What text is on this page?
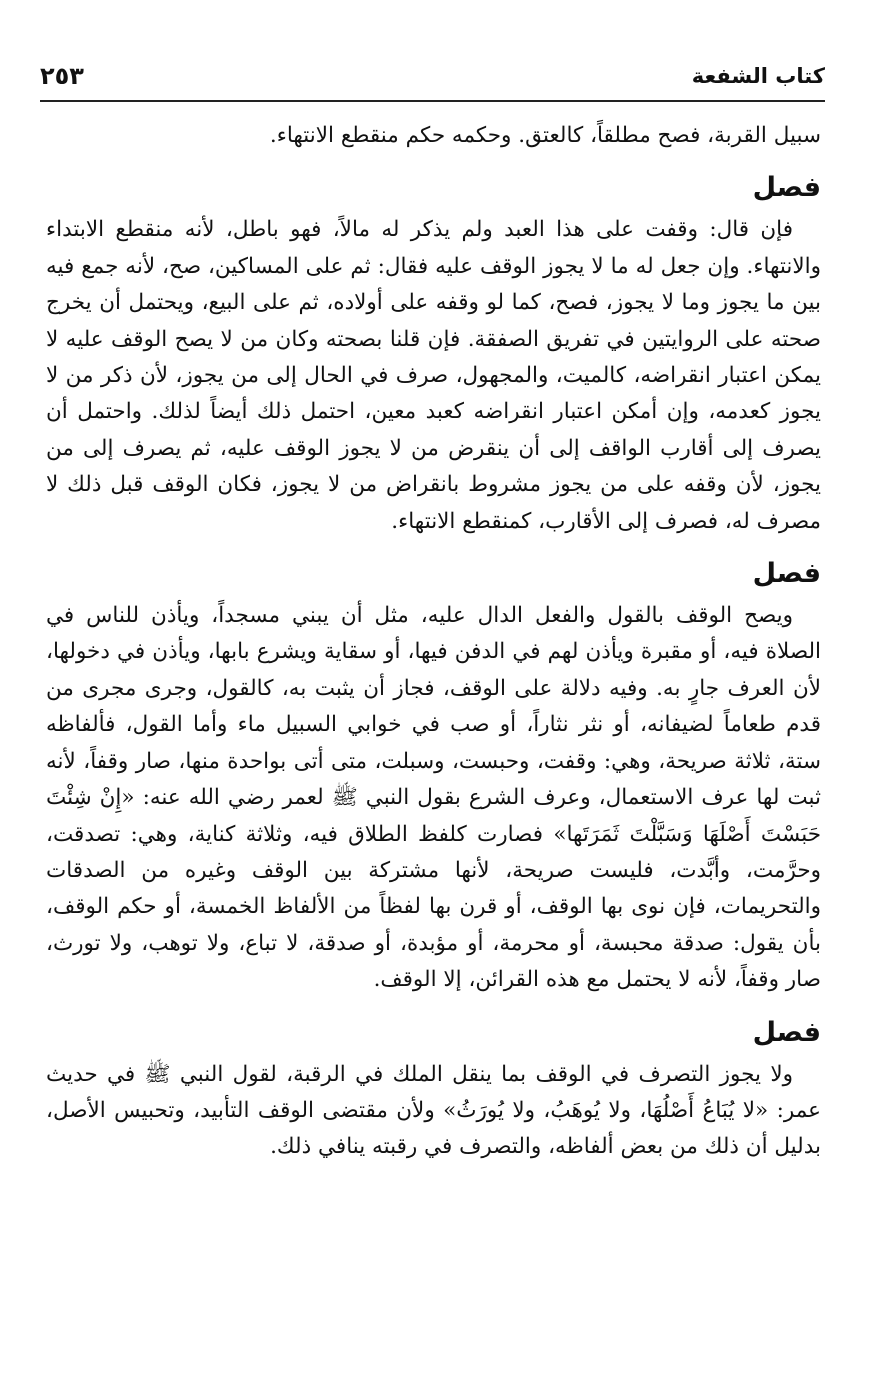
كتاب الشفعة
٢٥٣

سبيل القربة، فصح مطلقاً، كالعتق. وحكمه حكم منقطع الانتهاء.

فصل

فإن قال: وقفت على هذا العبد ولم يذكر له مالاً، فهو باطل، لأنه منقطع الابتداء والانتهاء. وإن جعل له ما لا يجوز الوقف عليه فقال: ثم على المساكين، صح، لأنه جمع فيه بين ما يجوز وما لا يجوز، فصح، كما لو وقفه على أولاده، ثم على البيع، ويحتمل أن يخرج صحته على الروايتين في تفريق الصفقة. فإن قلنا بصحته وكان من لا يصح الوقف عليه لا يمكن اعتبار انقراضه، كالميت، والمجهول، صرف في الحال إلى من يجوز، لأن ذكر من لا يجوز كعدمه، وإن أمكن اعتبار انقراضه كعبد معين، احتمل ذلك أيضاً لذلك. واحتمل أن يصرف إلى أقارب الواقف إلى أن ينقرض من لا يجوز الوقف عليه، ثم يصرف إلى من يجوز، لأن وقفه على من يجوز مشروط بانقراض من لا يجوز، فكان الوقف قبل ذلك لا مصرف له، فصرف إلى الأقارب، كمنقطع الانتهاء.

فصل

ويصح الوقف بالقول والفعل الدال عليه، مثل أن يبني مسجداً، ويأذن للناس في الصلاة فيه، أو مقبرة ويأذن لهم في الدفن فيها، أو سقاية ويشرع بابها، ويأذن في دخولها، لأن العرف جارٍ به. وفيه دلالة على الوقف، فجاز أن يثبت به، كالقول، وجرى مجرى من قدم طعاماً لضيفانه، أو نثر نثاراً، أو صب في خوابي السبيل ماء وأما القول، فألفاظه ستة، ثلاثة صريحة، وهي: وقفت، وحبست، وسبلت، متى أتى بواحدة منها، صار وقفاً، لأنه ثبت لها عرف الاستعمال، وعرف الشرع بقول النبي ﷺ لعمر رضي الله عنه: «إِنْ شِئْتَ حَبَسْتَ أَصْلَهَا وَسَبَّلْتَ ثَمَرَتَها» فصارت كلفظ الطلاق فيه، وثلاثة كناية، وهي: تصدقت، وحرَّمت، وأبَّدت، فليست صريحة، لأنها مشتركة بين الوقف وغيره من الصدقات والتحريمات، فإن نوى بها الوقف، أو قرن بها لفظاً من الألفاظ الخمسة، أو حكم الوقف، بأن يقول: صدقة محبسة، أو محرمة، أو مؤبدة، أو صدقة، لا تباع، ولا توهب، ولا تورث، صار وقفاً، لأنه لا يحتمل مع هذه القرائن، إلا الوقف.

فصل

ولا يجوز التصرف في الوقف بما ينقل الملك في الرقبة، لقول النبي ﷺ في حديث عمر: «لا يُبَاعُ أَصْلُهَا، ولا يُوهَبُ، ولا يُورَثُ» ولأن مقتضى الوقف التأبيد، وتحبيس الأصل، بدليل أن ذلك من بعض ألفاظه، والتصرف في رقبته ينافي ذلك.
